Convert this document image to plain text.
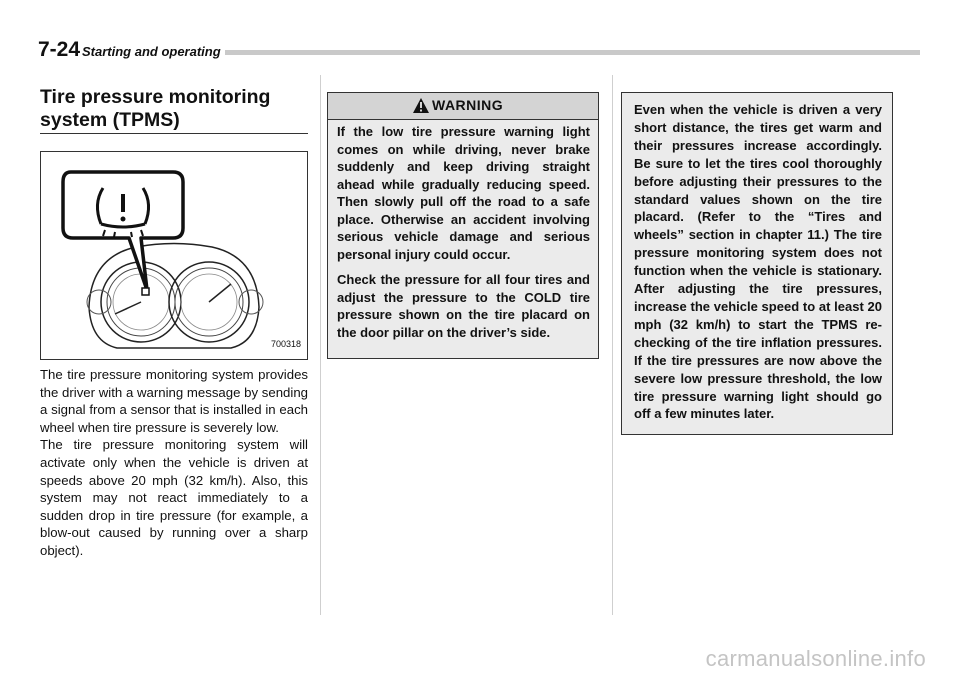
7-24 Starting and operating
Tire pressure monitoring system (TPMS)
700318

The tire pressure monitoring system provides the driver with a warning message by sending a signal from a sensor that is installed in each wheel when tire pressure is severely low.

The tire pressure monitoring system will activate only when the vehicle is driven at speeds above 20 mph (32 km/h). Also, this system may not react immediately to a sudden drop in tire pressure (for example, a blow-out caused by running over a sharp object).

WARNING

If the low tire pressure warning light comes on while driving, never brake suddenly and keep driving straight ahead while gradually reducing speed. Then slowly pull off the road to a safe place. Otherwise an accident involving serious vehicle damage and serious personal injury could occur.

Check the pressure for all four tires and adjust the pressure to the COLD tire pressure shown on the tire placard on the door pillar on the driver’s side.

Even when the vehicle is driven a very short distance, the tires get warm and their pressures increase accordingly. Be sure to let the tires cool thoroughly before adjusting their pressures to the standard values shown on the tire placard. (Refer to the “Tires and wheels” section in chapter 11.) The tire pressure monitoring system does not function when the vehicle is stationary. After adjusting the tire pressures, increase the vehicle speed to at least 20 mph (32 km/h) to start the TPMS re-checking of the tire inflation pressures. If the tire pressures are now above the severe low pressure threshold, the low tire pressure warning light should go off a few minutes later.

carmanualsonline.info
